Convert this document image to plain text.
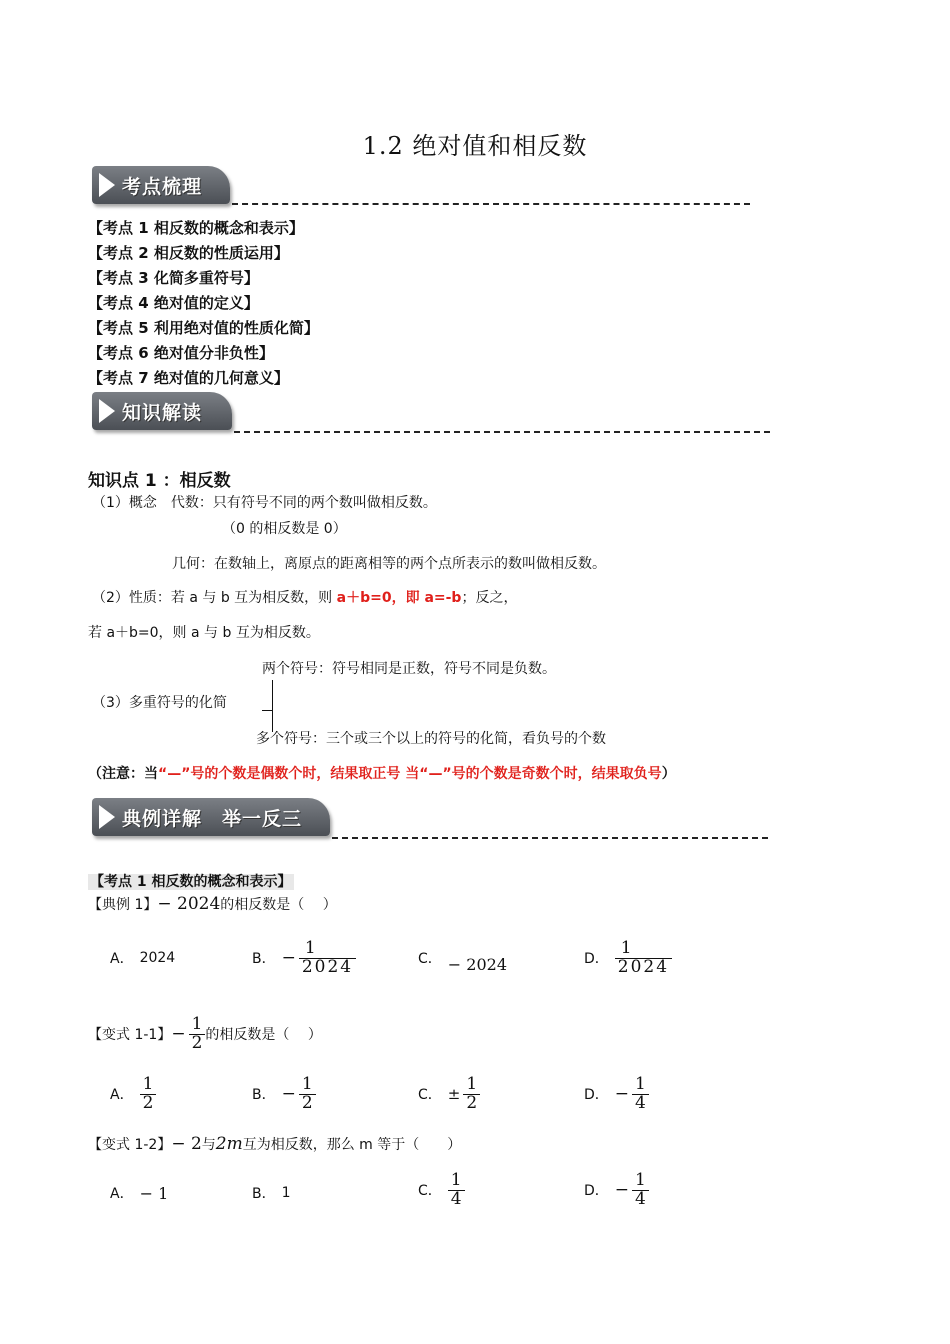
1.2 绝对值和相反数
考点梳理
【考点 1 相反数的概念和表示】
【考点 2 相反数的性质运用】
【考点 3 化简多重符号】
【考点 4 绝对值的定义】
【考点 5 利用绝对值的性质化简】
【考点 6 绝对值分非负性】
【考点 7 绝对值的几何意义】
知识解读
知识点 1 ：相反数
（1）概念　代数：只有符号不同的两个数叫做相反数。
（0 的相反数是 0）
几何：在数轴上，离原点的距离相等的两个点所表示的数叫做相反数。
（2）性质：若 a 与 b 互为相反数，则 a＋b=0，即 a=-b；反之，
若 a＋b=0，则 a 与 b 互为相反数。
两个符号：符号相同是正数，符号不同是负数。
（3）多重符号的化简
多个符号：三个或三个以上的符号的化简，看负号的个数
（注意：当“—”号的个数是偶数个时，结果取正号 当“—”号的个数是奇数个时，结果取负号）
典例详解　举一反三
【考点 1 相反数的概念和表示】
【典例 1】− 2024的相反数是（　 ）
A． 2024	B． − $\frac{1}{2024}$	C． − 2024	D． $\frac{1}{2024}$
【变式 1-1】 − $\frac{1}{2}$ 的相反数是（　 ）
A． $\frac{1}{2}$	B． − $\frac{1}{2}$	C． ± $\frac{1}{2}$	D． − $\frac{1}{4}$
【变式 1-2】− 2与2m互为相反数，那么 m 等于（　　）
A． − 1	B． 1	C． $\frac{1}{4}$	D． − $\frac{1}{4}$
